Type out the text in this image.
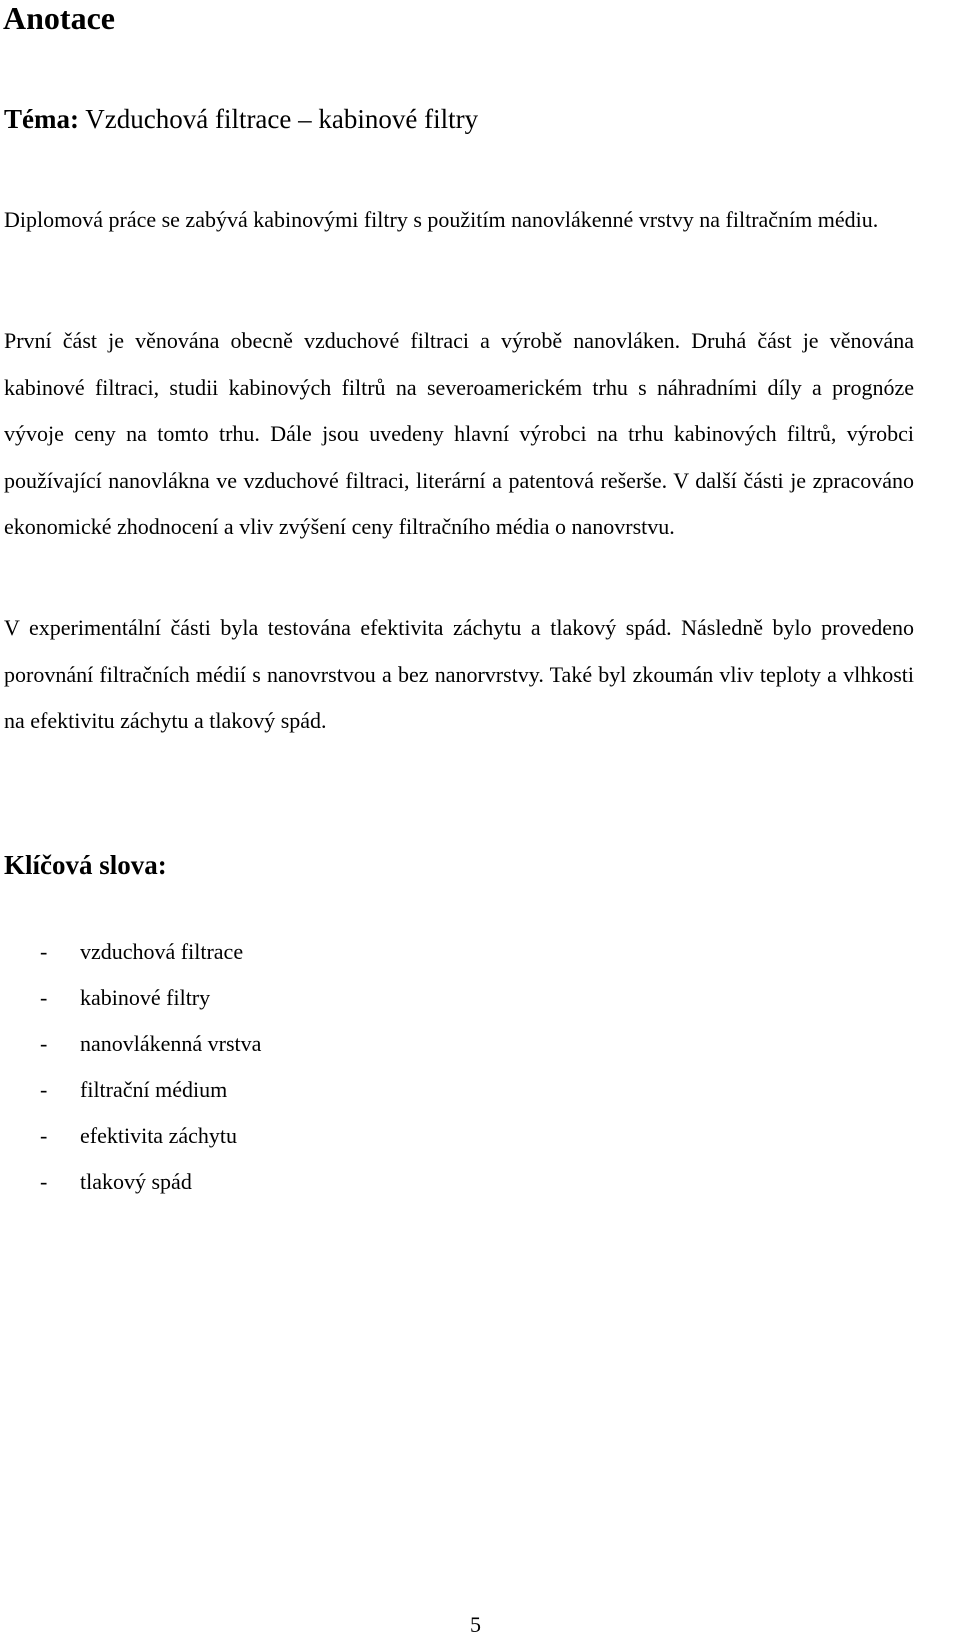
Anotace

Téma: Vzduchová filtrace – kabinové filtry

Diplomová práce se zabývá kabinovými filtry s použitím nanovlákenné vrstvy na filtračním médiu.

První část je věnována obecně vzduchové filtraci a výrobě nanovláken. Druhá část je věnována kabinové filtraci, studii kabinových filtrů na severoamerickém trhu s náhradními díly a prognóze vývoje ceny na tomto trhu. Dále jsou uvedeny hlavní výrobci na trhu kabinových filtrů, výrobci používající nanovlákna ve vzduchové filtraci, literární a patentová rešerše. V další části je zpracováno ekonomické zhodnocení a vliv zvýšení ceny filtračního média o nanovrstvu.

V experimentální části byla testována efektivita záchytu a tlakový spád. Následně bylo provedeno porovnání filtračních médií s nanovrstvou a bez nanorvrstvy. Také byl zkoumán vliv teploty a vlhkosti na efektivitu záchytu a tlakový spád.

Klíčová slova:
- vzduchová filtrace
- kabinové filtry
- nanovlákenná vrstva
- filtrační médium
- efektivita záchytu
- tlakový spád
5
